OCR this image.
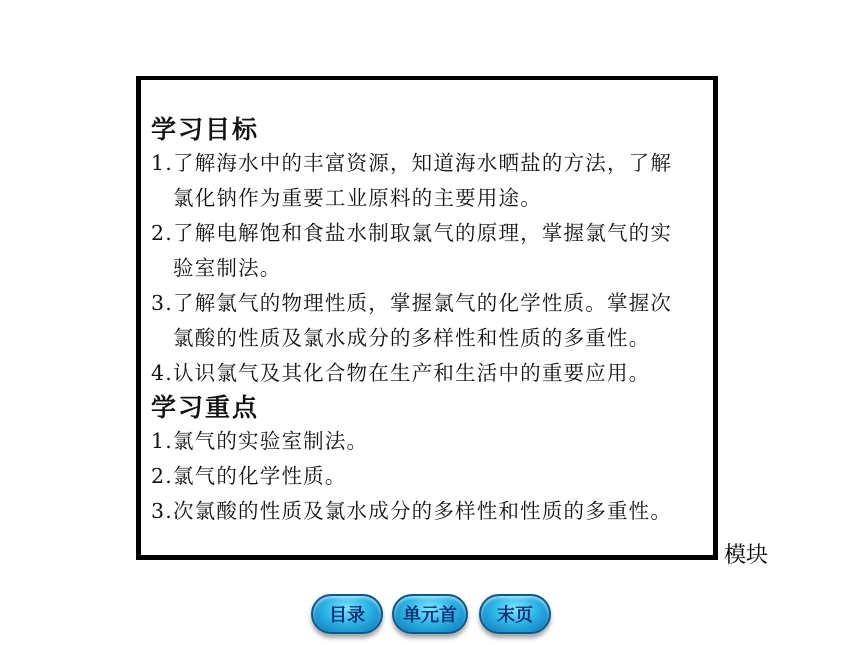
学习目标

1.了解海水中的丰富资源，知道海水晒盐的方法，了解
氯化钠作为重要工业原料的主要用途。

2.了解电解饱和食盐水制取氯气的原理，掌握氯气的实
验室制法。

3.了解氯气的物理性质，掌握氯气的化学性质。掌握次
氯酸的性质及氯水成分的多样性和性质的多重性。

4.认识氯气及其化合物在生产和生活中的重要应用。

学习重点

1.氯气的实验室制法。

2.氯气的化学性质。

3.次氯酸的性质及氯水成分的多样性和性质的多重性。

模块
目录	单元首	末页
